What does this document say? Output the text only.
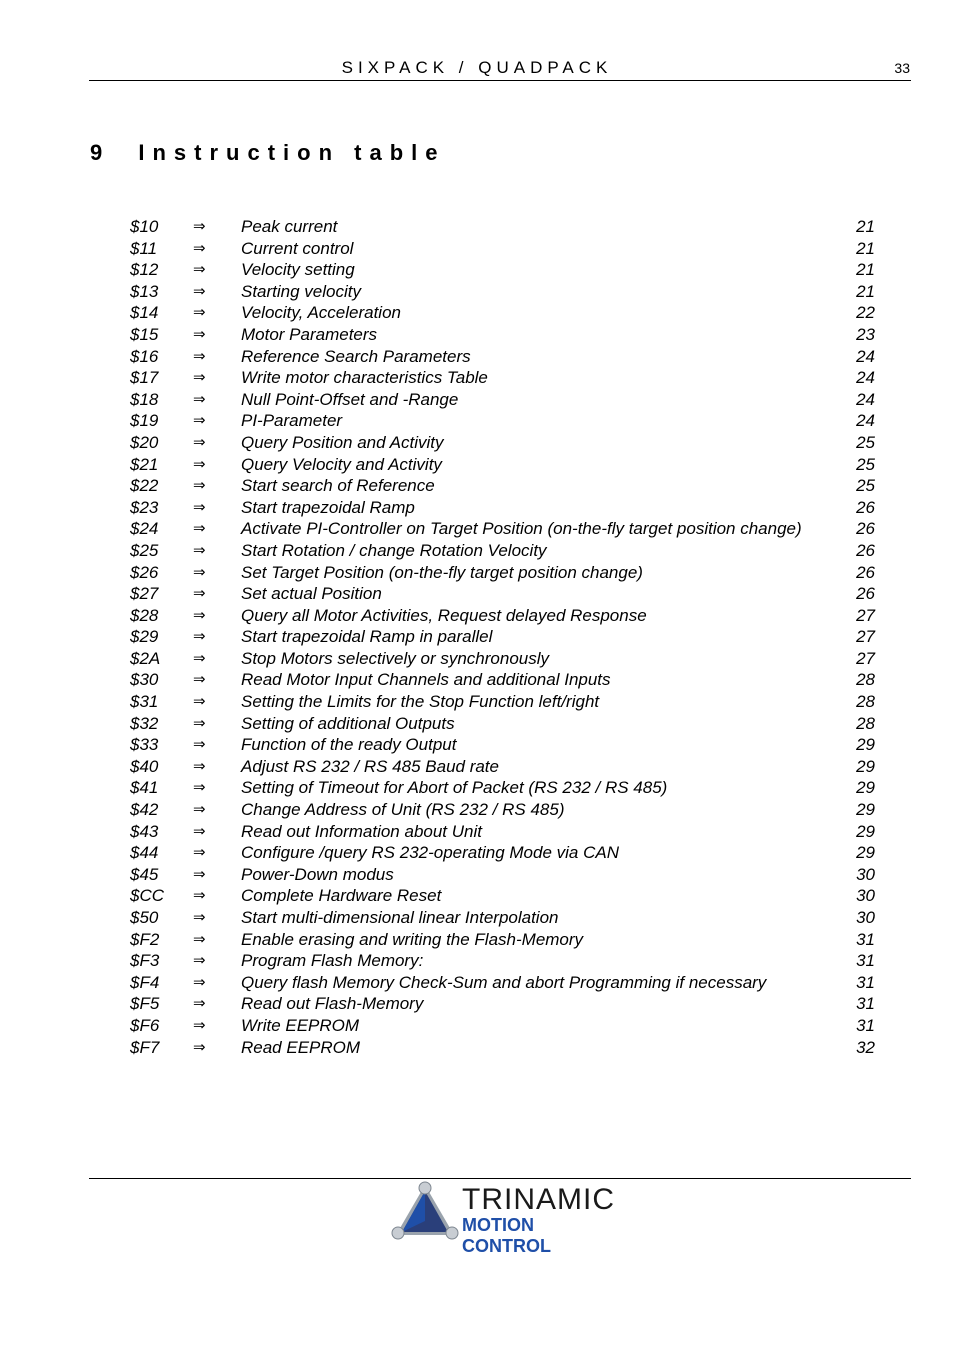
SIXPACK / QUADPACK	33
9 Instruction table
$10 ⇒ Peak current	21
$11 ⇒ Current control	21
$12 ⇒ Velocity setting	21
$13 ⇒ Starting velocity	21
$14 ⇒ Velocity, Acceleration	22
$15 ⇒ Motor Parameters	23
$16 ⇒ Reference Search Parameters	24
$17 ⇒ Write motor characteristics Table	24
$18 ⇒ Null Point-Offset and -Range	24
$19 ⇒ PI-Parameter	24
$20 ⇒ Query Position and Activity	25
$21 ⇒ Query Velocity and Activity	25
$22 ⇒ Start search of Reference	25
$23 ⇒ Start trapezoidal Ramp	26
$24 ⇒ Activate PI-Controller on Target Position (on-the-fly target position change)	26
$25 ⇒ Start Rotation / change Rotation Velocity	26
$26 ⇒ Set Target Position (on-the-fly target position change)	26
$27 ⇒ Set actual Position	26
$28 ⇒ Query all Motor Activities, Request delayed Response	27
$29 ⇒ Start trapezoidal Ramp in parallel	27
$2A ⇒ Stop Motors selectively or synchronously	27
$30 ⇒ Read Motor Input Channels and additional Inputs	28
$31 ⇒ Setting the Limits for the Stop Function left/right	28
$32 ⇒ Setting of additional Outputs	28
$33 ⇒ Function of the ready Output	29
$40 ⇒ Adjust RS 232 / RS 485 Baud rate	29
$41 ⇒ Setting of Timeout for Abort of Packet (RS 232 / RS 485)	29
$42 ⇒ Change Address of Unit (RS 232 / RS 485)	29
$43 ⇒ Read out Information about Unit	29
$44 ⇒ Configure /query RS 232-operating Mode via CAN	29
$45 ⇒ Power-Down modus	30
$CC ⇒ Complete Hardware Reset	30
$50 ⇒ Start multi-dimensional linear Interpolation	30
$F2 ⇒ Enable erasing and writing the Flash-Memory	31
$F3 ⇒ Program Flash Memory:	31
$F4 ⇒ Query flash Memory Check-Sum and abort Programming if necessary	31
$F5 ⇒ Read out Flash-Memory	31
$F6 ⇒ Write EEPROM	31
$F7 ⇒ Read EEPROM	32
TRINAMIC
MOTION CONTROL
